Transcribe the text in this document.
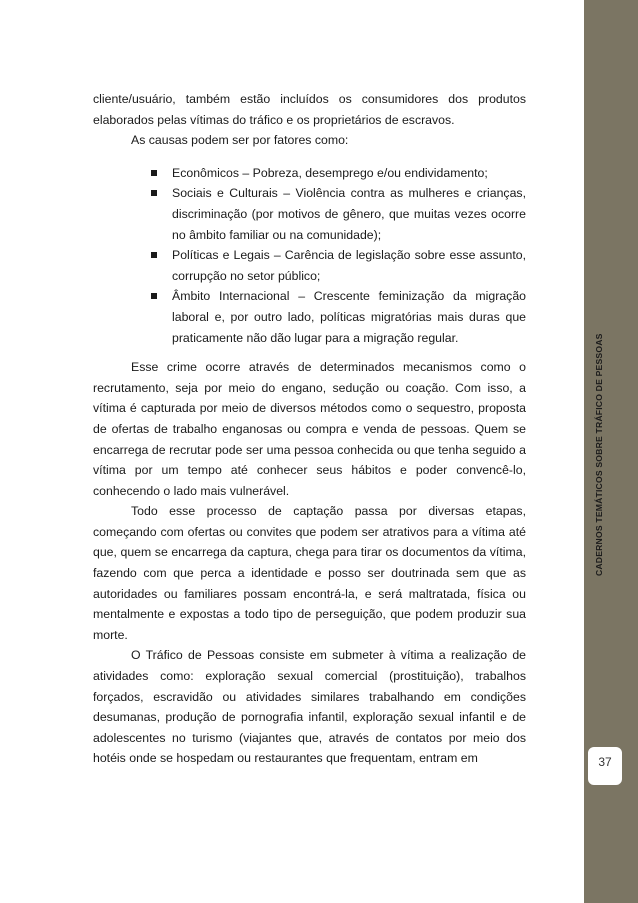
cliente/usuário, também estão incluídos os consumidores dos produtos elaborados pelas vítimas do tráfico e os proprietários de escravos.

As causas podem ser por fatores como:

Econômicos – Pobreza, desemprego e/ou endividamento;
Sociais e Culturais – Violência contra as mulheres e crianças, discriminação (por motivos de gênero, que muitas vezes ocorre no âmbito familiar ou na comunidade);
Políticas e Legais – Carência de legislação sobre esse assunto, corrupção no setor público;
Âmbito Internacional – Crescente feminização da migração laboral e, por outro lado, políticas migratórias mais duras que praticamente não dão lugar para a migração regular.

Esse crime ocorre através de determinados mecanismos como o recrutamento, seja por meio do engano, sedução ou coação. Com isso, a vítima é capturada por meio de diversos métodos como o sequestro, proposta de ofertas de trabalho enganosas ou compra e venda de pessoas. Quem se encarrega de recrutar pode ser uma pessoa conhecida ou que tenha seguido a vítima por um tempo até conhecer seus hábitos e poder convencê-lo, conhecendo o lado mais vulnerável.

Todo esse processo de captação passa por diversas etapas, começando com ofertas ou convites que podem ser atrativos para a vítima até que, quem se encarrega da captura, chega para tirar os documentos da vítima, fazendo com que perca a identidade e posso ser doutrinada sem que as autoridades ou familiares possam encontrá-la, e será maltratada, física ou mentalmente e expostas a todo tipo de perseguição, que podem produzir sua morte.

O Tráfico de Pessoas consiste em submeter à vítima a realização de atividades como: exploração sexual comercial (prostituição), trabalhos forçados, escravidão ou atividades similares trabalhando em condições desumanas, produção de pornografia infantil, exploração sexual infantil e de adolescentes no turismo (viajantes que, através de contatos por meio dos hotéis onde se hospedam ou restaurantes que frequentam, entram em

CADERNOS TEMÁTICOS SOBRE TRÁFICO DE PESSOAS
37
